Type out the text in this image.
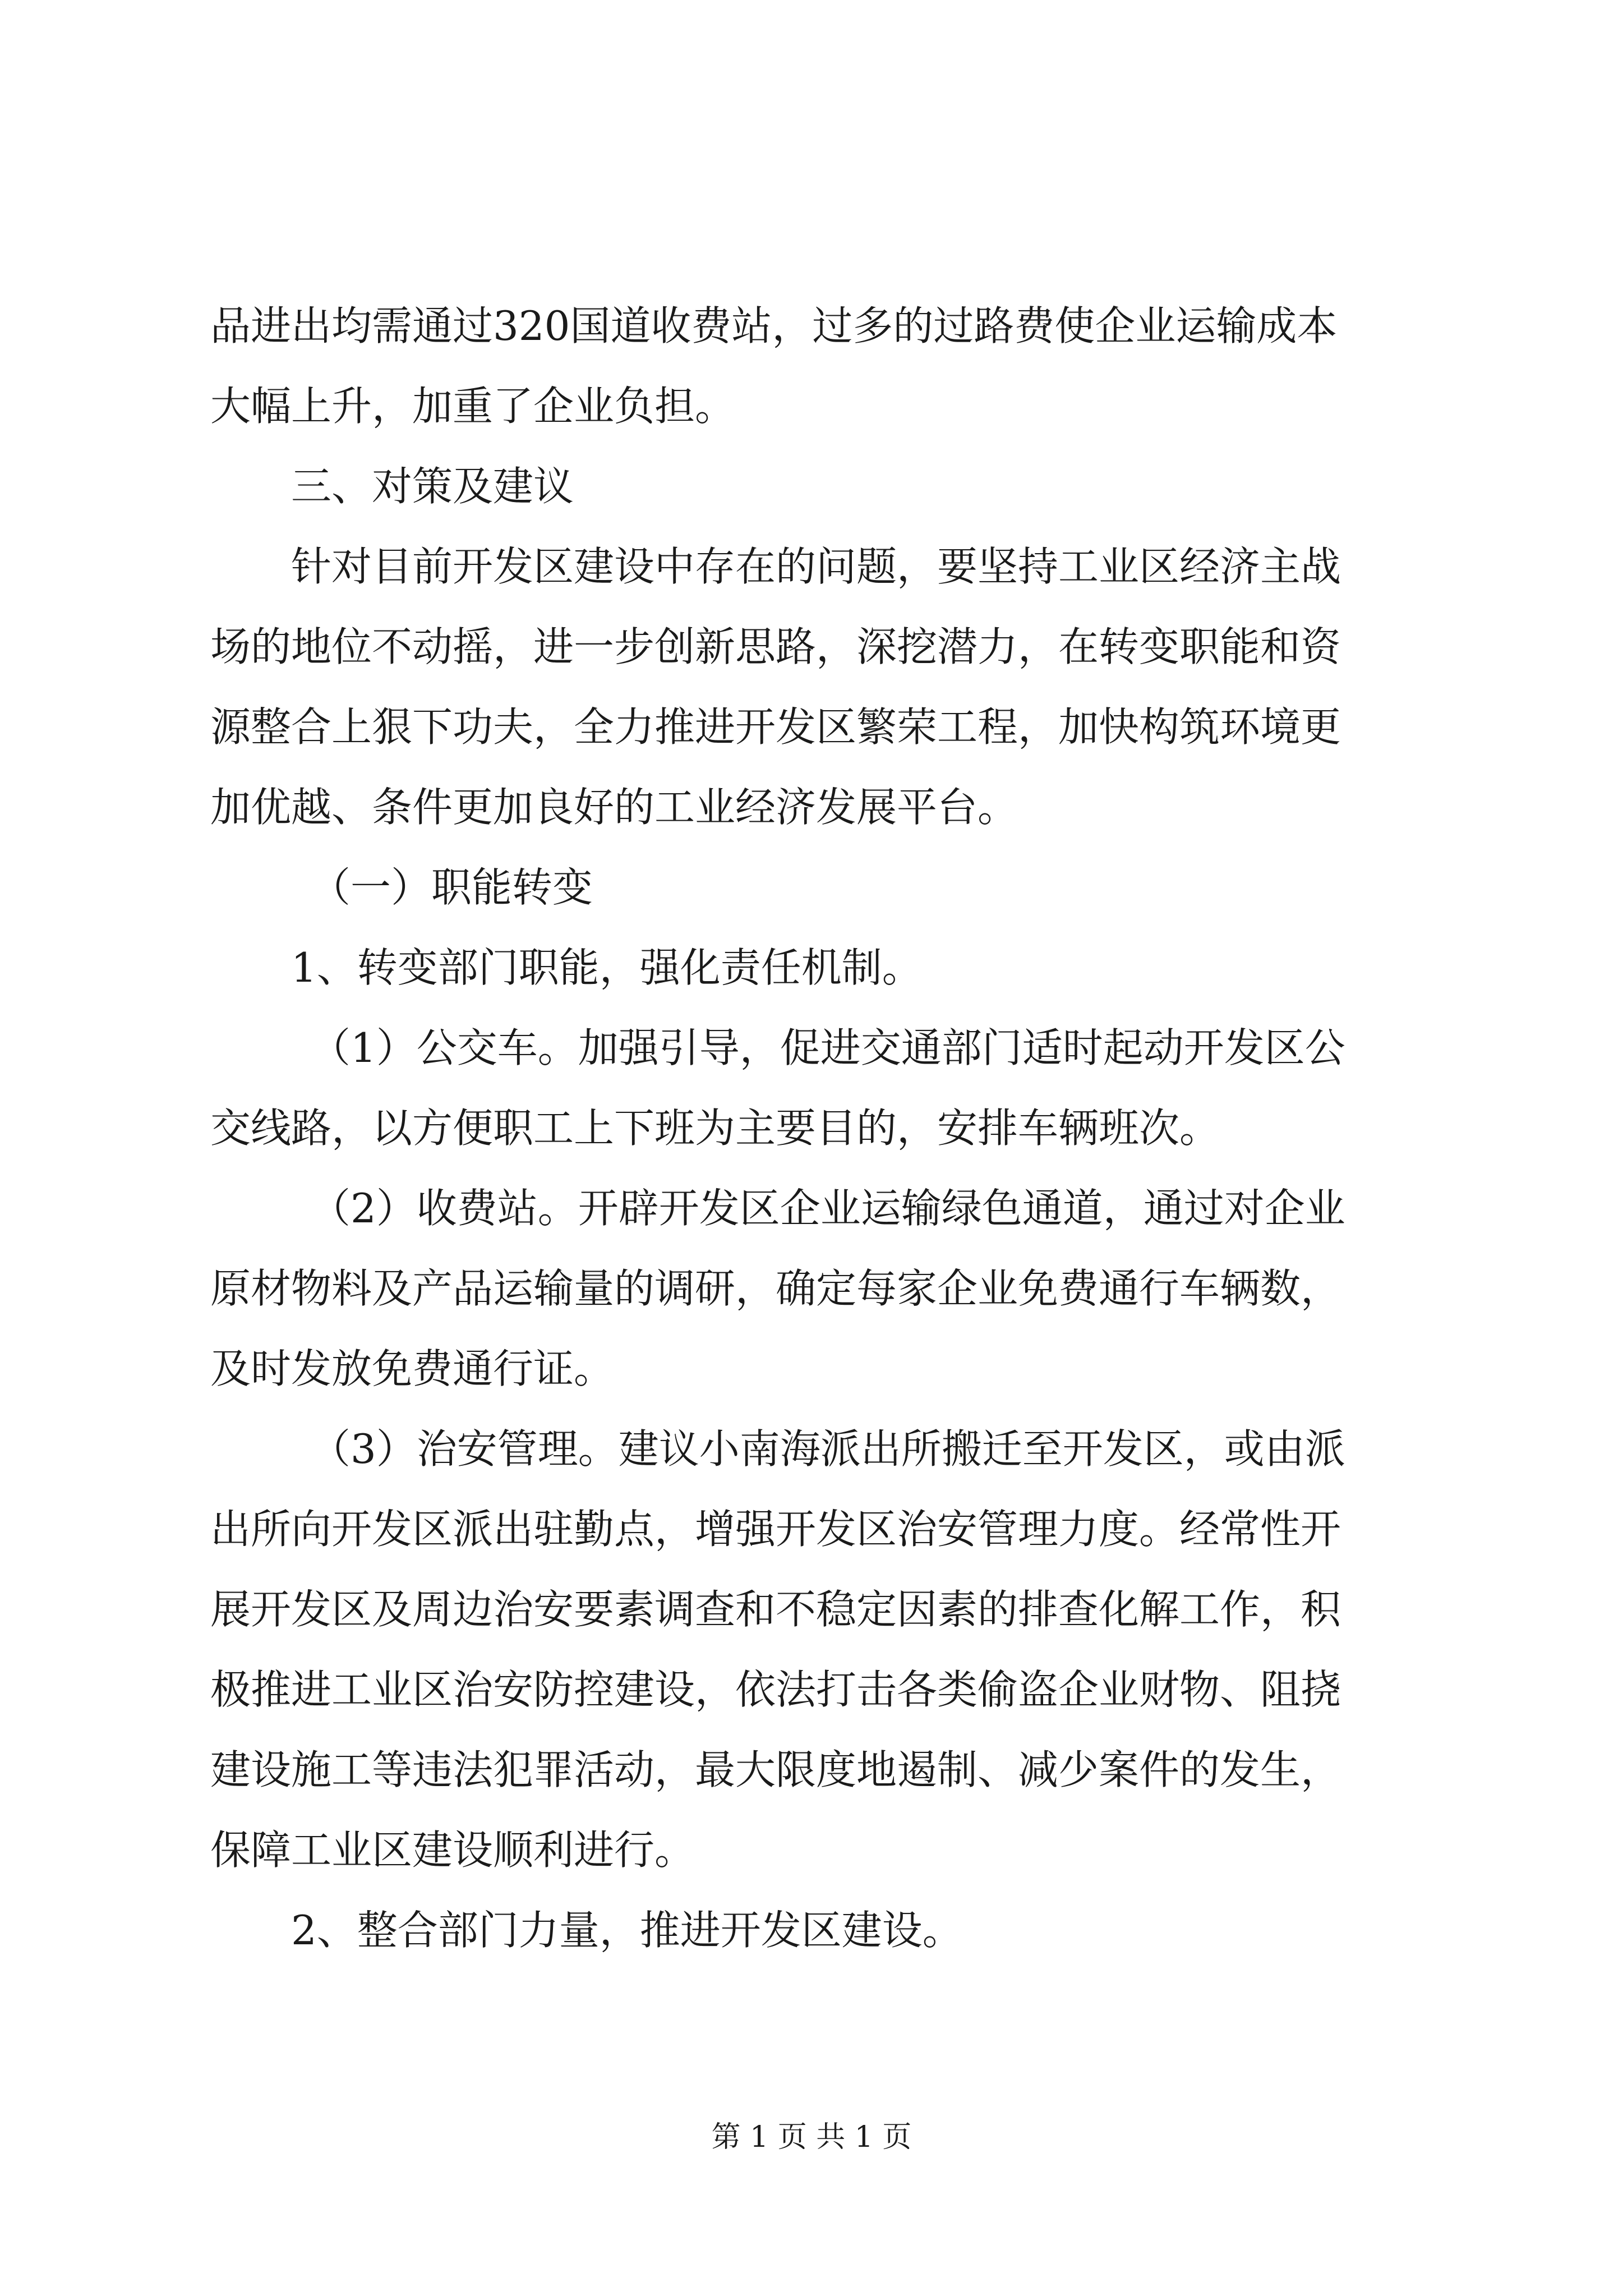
品进出均需通过320国道收费站，过多的过路费使企业运输成本
大幅上升，加重了企业负担。
三、对策及建议
针对目前开发区建设中存在的问题，要坚持工业区经济主战
场的地位不动摇，进一步创新思路，深挖潜力，在转变职能和资
源整合上狠下功夫，全力推进开发区繁荣工程，加快构筑环境更
加优越、条件更加良好的工业经济发展平台。
（一）职能转变
1、转变部门职能，强化责任机制。
（1）公交车。加强引导，促进交通部门适时起动开发区公
交线路，以方便职工上下班为主要目的，安排车辆班次。
（2）收费站。开辟开发区企业运输绿色通道，通过对企业
原材物料及产品运输量的调研，确定每家企业免费通行车辆数，
及时发放免费通行证。
（3）治安管理。建议小南海派出所搬迁至开发区，或由派
出所向开发区派出驻勤点，增强开发区治安管理力度。经常性开
展开发区及周边治安要素调查和不稳定因素的排查化解工作，积
极推进工业区治安防控建设，依法打击各类偷盗企业财物、阻挠
建设施工等违法犯罪活动，最大限度地遏制、减少案件的发生，
保障工业区建设顺利进行。
2、整合部门力量，推进开发区建设。
第 1 页 共 1 页
